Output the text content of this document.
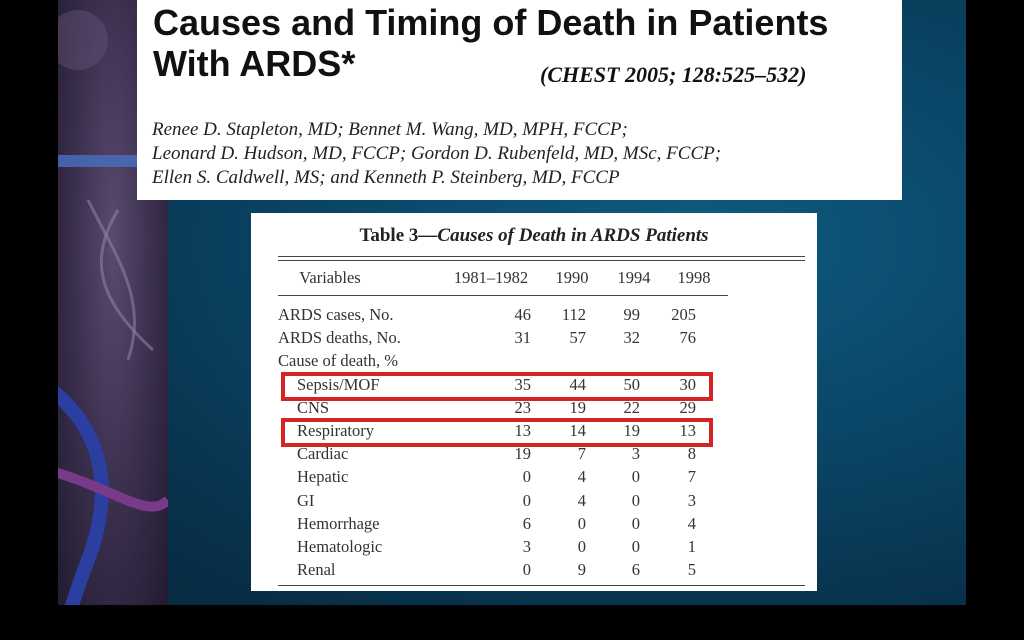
Causes and Timing of Death in Patients With ARDS*	(CHEST 2005; 128:525–532)
Renee D. Stapleton, MD; Bennet M. Wang, MD, MPH, FCCP;
Leonard D. Hudson, MD, FCCP; Gordon D. Rubenfeld, MD, MSc, FCCP;
Ellen S. Caldwell, MS; and Kenneth P. Steinberg, MD, FCCP
Table 3—Causes of Death in ARDS Patients
Variables	1981–1982	1990	1994	1998
ARDS cases, No.	46	112	99	205
ARDS deaths, No.	31	57	32	76
Cause of death, %
Sepsis/MOF	35	44	50	30
CNS	23	19	22	29
Respiratory	13	14	19	13
Cardiac	19	7	3	8
Hepatic	0	4	0	7
GI	0	4	0	3
Hemorrhage	6	0	0	4
Hematologic	3	0	0	1
Renal	0	9	6	5
